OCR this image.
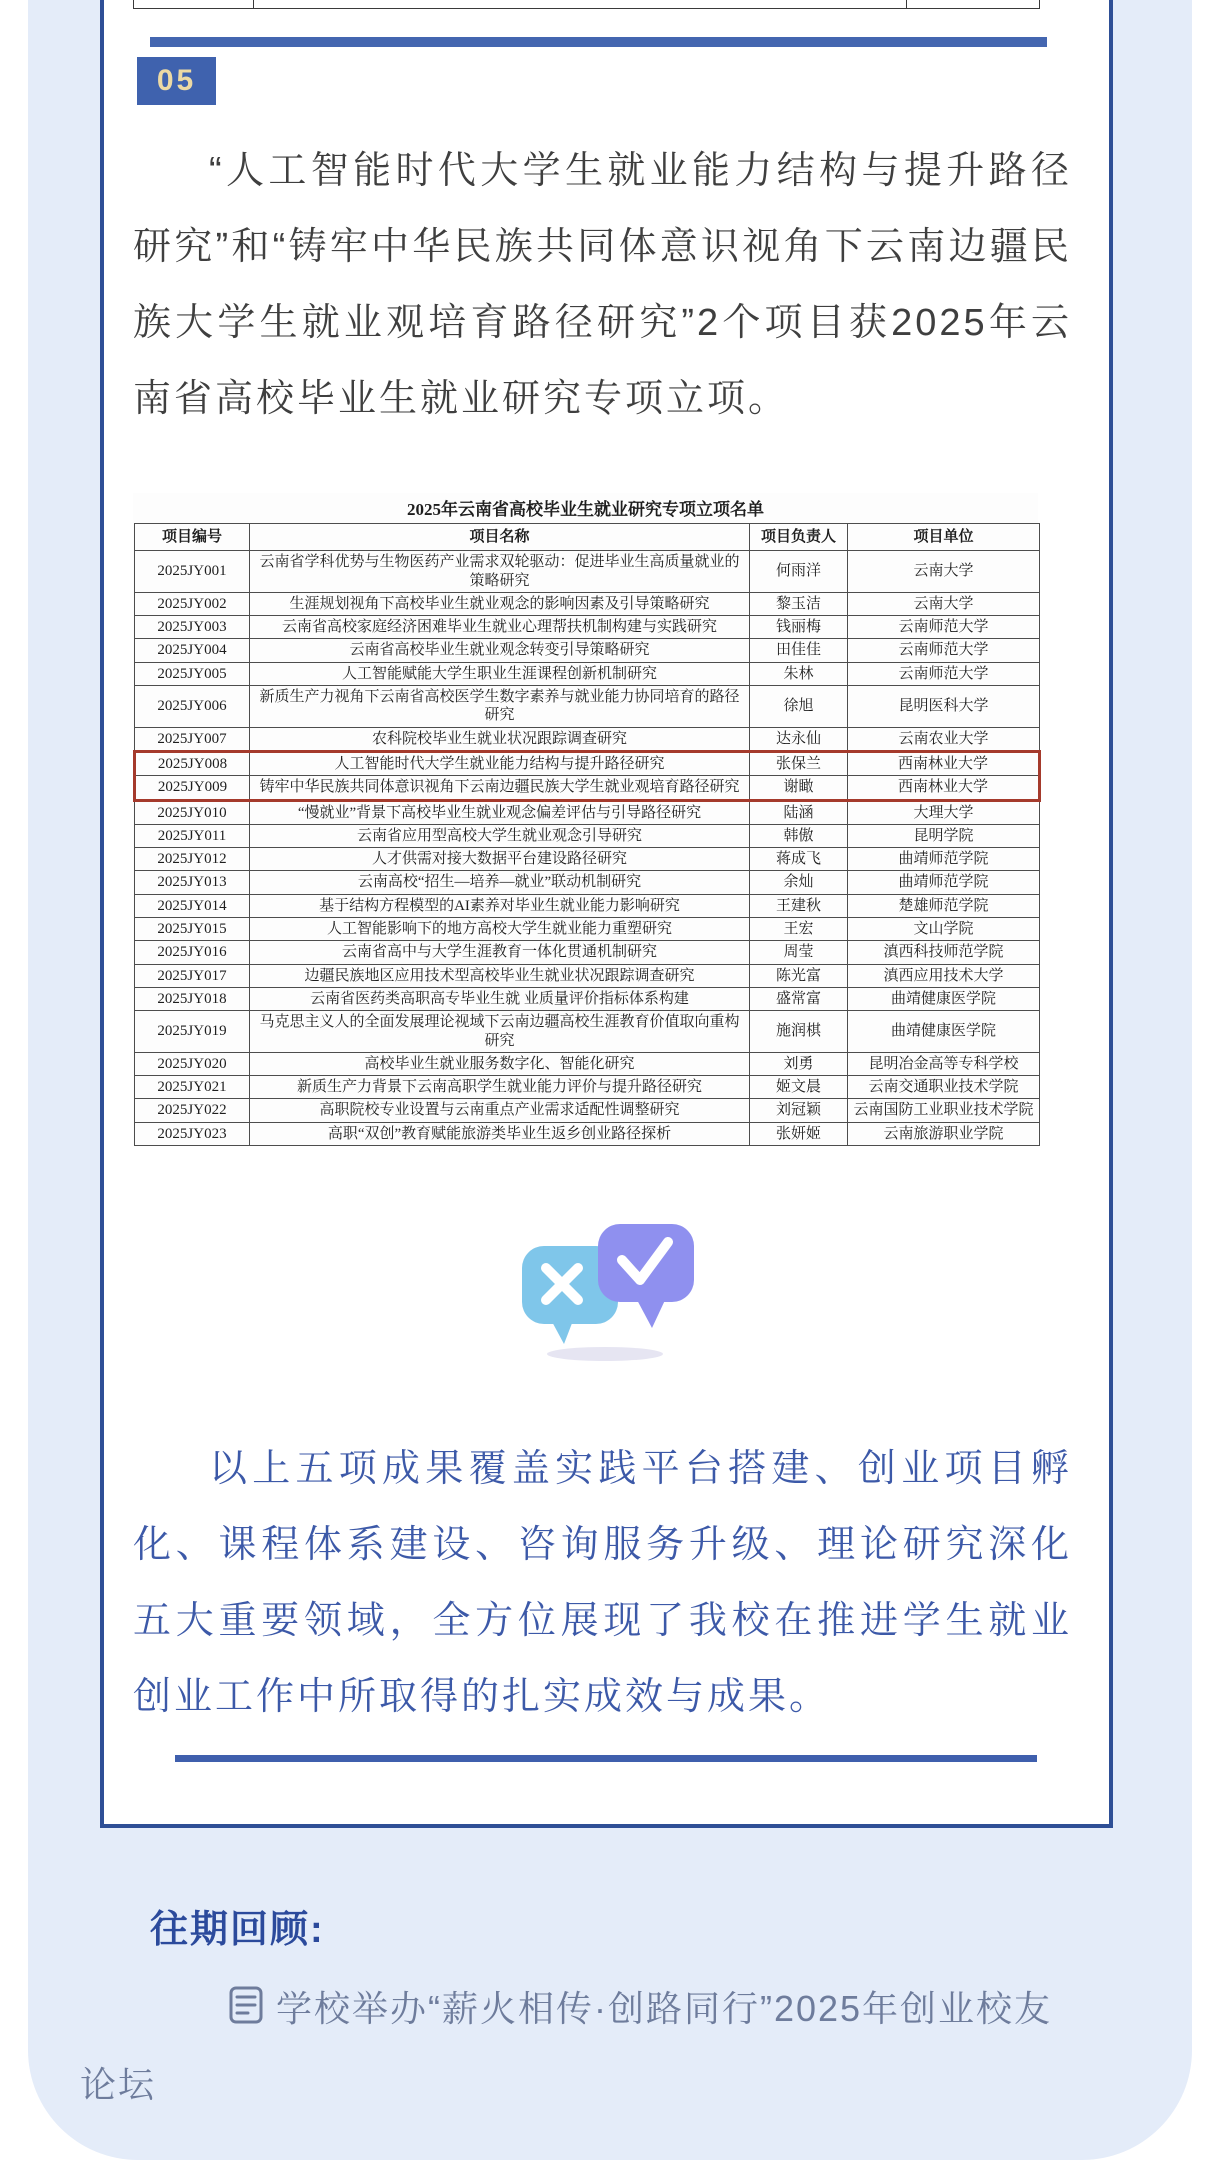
05

“人工智能时代大学生就业能力结构与提升路径研究”和“铸牢中华民族共同体意识视角下云南边疆民族大学生就业观培育路径研究”2个项目获2025年云南省高校毕业生就业研究专项立项。

2025年云南省高校毕业生就业研究专项立项名单
项目编号	项目名称	项目负责人	项目单位
2025JY001	云南省学科优势与生物医药产业需求双轮驱动：促进毕业生高质量就业的策略研究	何雨洋	云南大学
2025JY002	生涯规划视角下高校毕业生就业观念的影响因素及引导策略研究	黎玉洁	云南大学
2025JY003	云南省高校家庭经济困难毕业生就业心理帮扶机制构建与实践研究	钱丽梅	云南师范大学
2025JY004	云南省高校毕业生就业观念转变引导策略研究	田佳佳	云南师范大学
2025JY005	人工智能赋能大学生职业生涯课程创新机制研究	朱林	云南师范大学
2025JY006	新质生产力视角下云南省高校医学生数字素养与就业能力协同培育的路径研究	徐旭	昆明医科大学
2025JY007	农科院校毕业生就业状况跟踪调查研究	达永仙	云南农业大学
2025JY008	人工智能时代大学生就业能力结构与提升路径研究	张保兰	西南林业大学
2025JY009	铸牢中华民族共同体意识视角下云南边疆民族大学生就业观培育路径研究	谢瞰	西南林业大学
2025JY010	“慢就业”背景下高校毕业生就业观念偏差评估与引导路径研究	陆涵	大理大学
2025JY011	云南省应用型高校大学生就业观念引导研究	韩傲	昆明学院
2025JY012	人才供需对接大数据平台建设路径研究	蒋成飞	曲靖师范学院
2025JY013	云南高校“招生—培养—就业”联动机制研究	余灿	曲靖师范学院
2025JY014	基于结构方程模型的AI素养对毕业生就业能力影响研究	王建秋	楚雄师范学院
2025JY015	人工智能影响下的地方高校大学生就业能力重塑研究	王宏	文山学院
2025JY016	云南省高中与大学生涯教育一体化贯通机制研究	周莹	滇西科技师范学院
2025JY017	边疆民族地区应用技术型高校毕业生就业状况跟踪调查研究	陈光富	滇西应用技术大学
2025JY018	云南省医药类高职高专毕业生就 业质量评价指标体系构建	盛常富	曲靖健康医学院
2025JY019	马克思主义人的全面发展理论视域下云南边疆高校生涯教育价值取向重构研究	施润棋	曲靖健康医学院
2025JY020	高校毕业生就业服务数字化、智能化研究	刘勇	昆明冶金高等专科学校
2025JY021	新质生产力背景下云南高职学生就业能力评价与提升路径研究	姬文晨	云南交通职业技术学院
2025JY022	高职院校专业设置与云南重点产业需求适配性调整研究	刘冠颖	云南国防工业职业技术学院
2025JY023	高职“双创”教育赋能旅游类毕业生返乡创业路径探析	张妍姬	云南旅游职业学院

以上五项成果覆盖实践平台搭建、创业项目孵化、课程体系建设、咨询服务升级、理论研究深化五大重要领域，全方位展现了我校在推进学生就业创业工作中所取得的扎实成效与成果。

往期回顾:

学校举办“薪火相传·创路同行”2025年创业校友论坛
